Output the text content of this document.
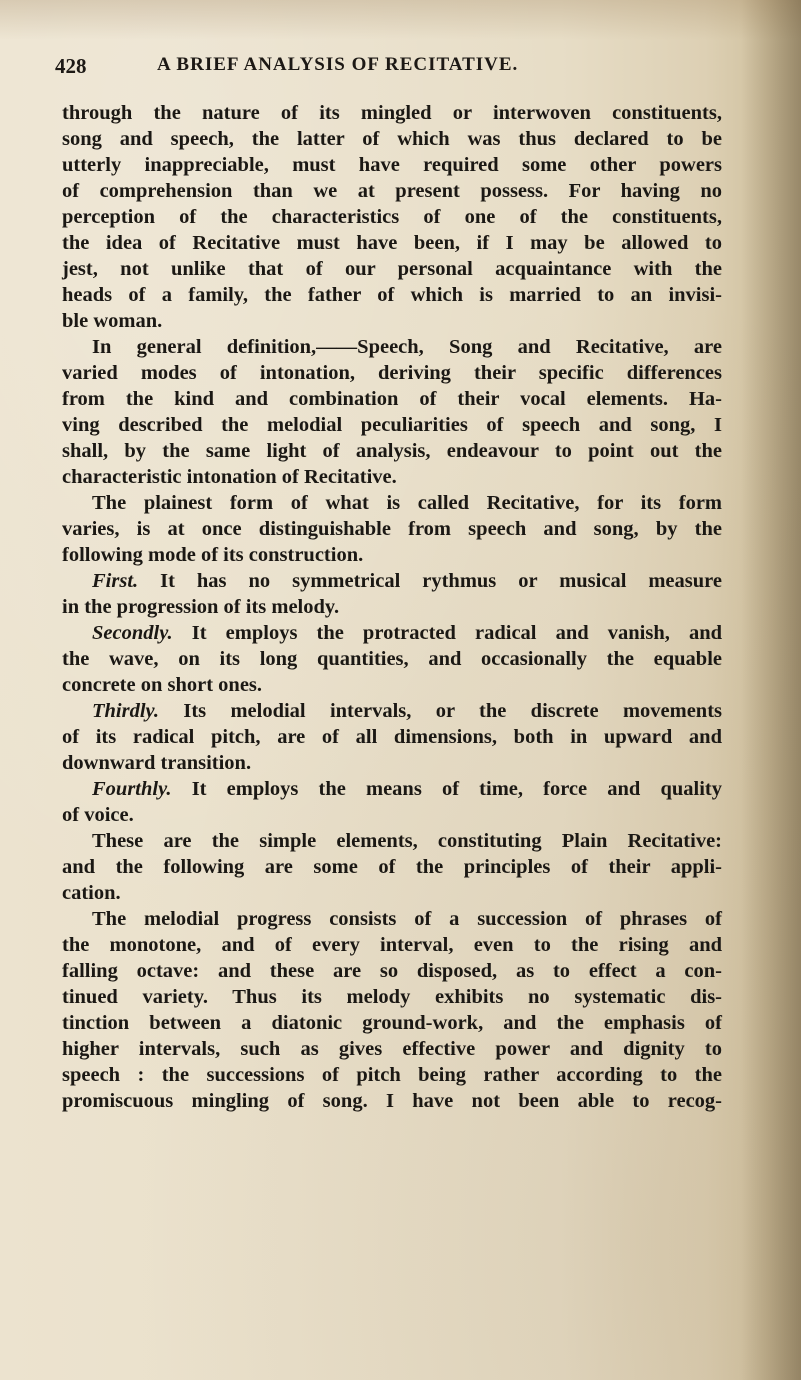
428	A BRIEF ANALYSIS OF RECITATIVE.
through the nature of its mingled or interwoven constituents,
song and speech, the latter of which was thus declared to be
utterly inappreciable, must have required some other powers
of comprehension than we at present possess. For having no
perception of the characteristics of one of the constituents,
the idea of Recitative must have been, if I may be allowed to
jest, not unlike that of our personal acquaintance with the
heads of a family, the father of which is married to an invisi-
ble woman.
In general definition,——Speech, Song and Recitative, are
varied modes of intonation, deriving their specific differences
from the kind and combination of their vocal elements. Ha-
ving described the melodial peculiarities of speech and song, I
shall, by the same light of analysis, endeavour to point out the
characteristic intonation of Recitative.
The plainest form of what is called Recitative, for its form
varies, is at once distinguishable from speech and song, by the
following mode of its construction.
First. It has no symmetrical rythmus or musical measure
in the progression of its melody.
Secondly. It employs the protracted radical and vanish, and
the wave, on its long quantities, and occasionally the equable
concrete on short ones.
Thirdly. Its melodial intervals, or the discrete movements
of its radical pitch, are of all dimensions, both in upward and
downward transition.
Fourthly. It employs the means of time, force and quality
of voice.
These are the simple elements, constituting Plain Recitative:
and the following are some of the principles of their appli-
cation.
The melodial progress consists of a succession of phrases of
the monotone, and of every interval, even to the rising and
falling octave: and these are so disposed, as to effect a con-
tinued variety. Thus its melody exhibits no systematic dis-
tinction between a diatonic ground-work, and the emphasis of
higher intervals, such as gives effective power and dignity to
speech : the successions of pitch being rather according to the
promiscuous mingling of song. I have not been able to recog-
